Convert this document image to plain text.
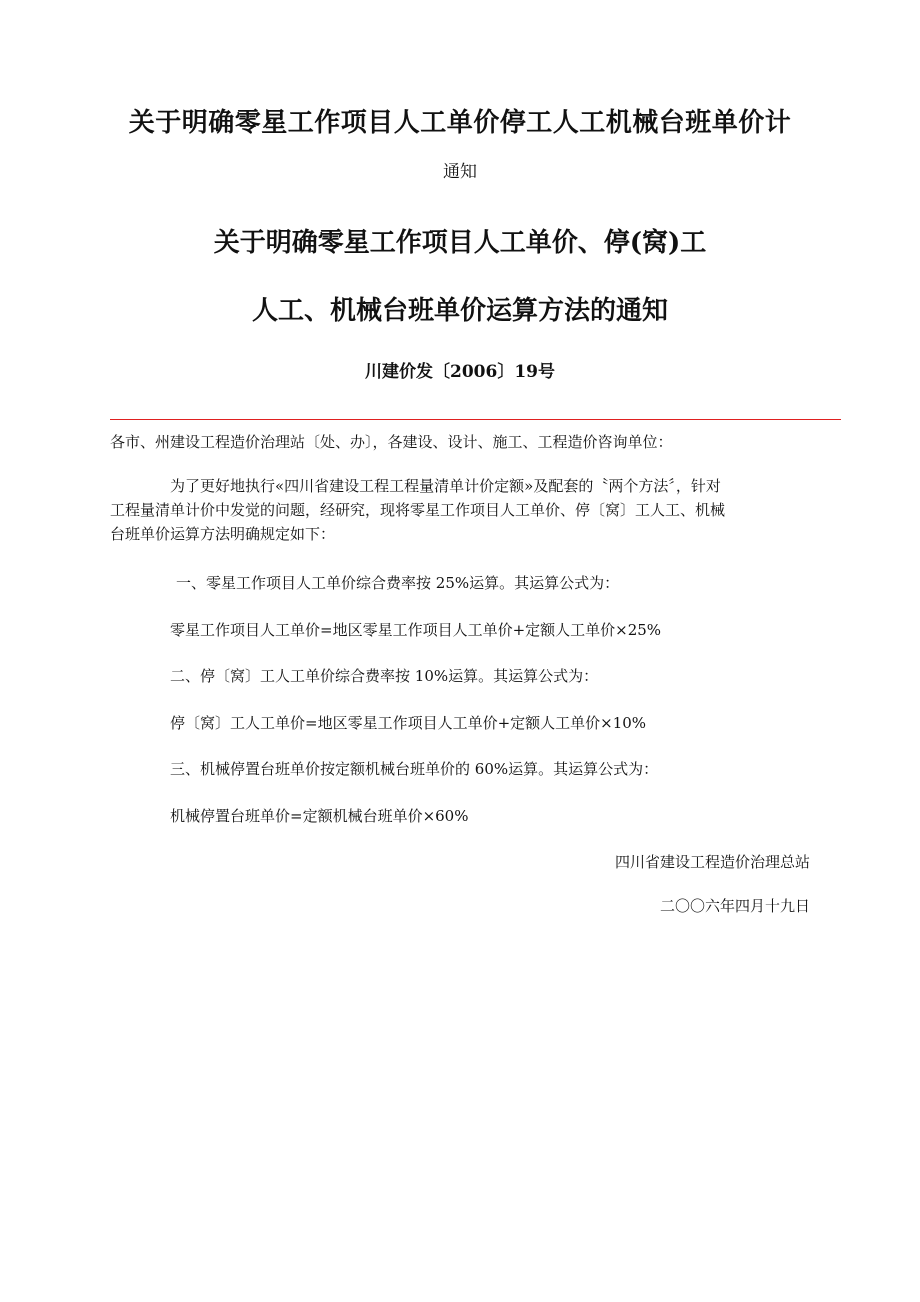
关于明确零星工作项目人工单价停工人工机械台班单价计
通知
关于明确零星工作项目人工单价、停(窝)工
人工、机械台班单价运算方法的通知
川建价发〔2006〕19号
各市、州建设工程造价治理站〔处、办〕，各建设、设计、施工、工程造价咨询单位：
为了更好地执行«四川省建设工程工程量清单计价定额»及配套的〝两个方法〞，针对
工程量清单计价中发觉的问题，经研究，现将零星工作项目人工单价、停〔窝〕工人工、机械
台班单价运算方法明确规定如下：
一、零星工作项目人工单价综合费率按 25%运算。其运算公式为：
零星工作项目人工单价=地区零星工作项目人工单价+定额人工单价×25%
二、停〔窝〕工人工单价综合费率按 10%运算。其运算公式为：
停〔窝〕工人工单价=地区零星工作项目人工单价+定额人工单价×10%
三、机械停置台班单价按定额机械台班单价的 60%运算。其运算公式为：
机械停置台班单价=定额机械台班单价×60%
四川省建设工程造价治理总站
二〇〇六年四月十九日
